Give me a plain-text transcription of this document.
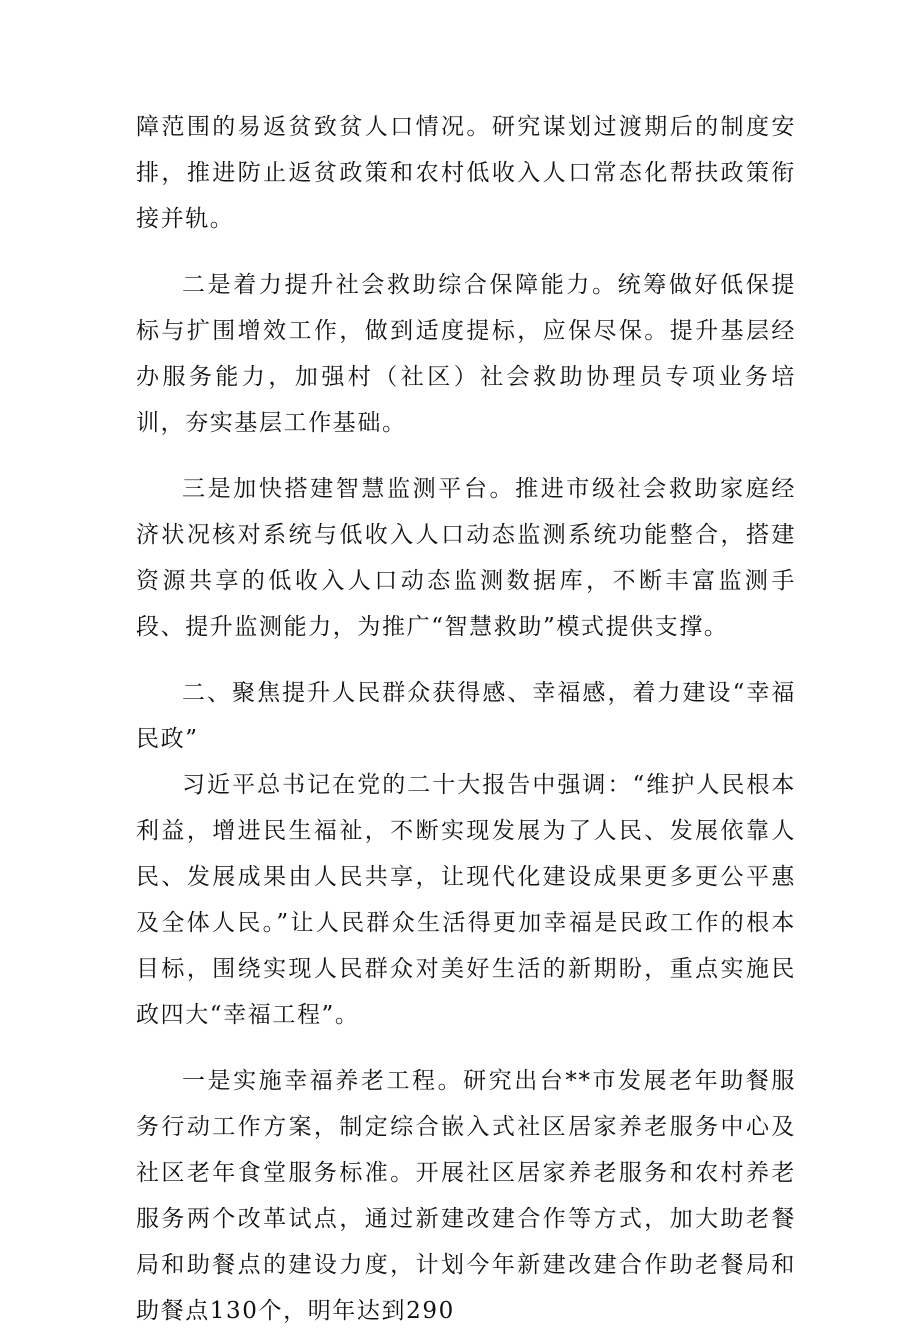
障范围的易返贫致贫人口情况。研究谋划过渡期后的制度安排，推进防止返贫政策和农村低收入人口常态化帮扶政策衔接并轨。

二是着力提升社会救助综合保障能力。统筹做好低保提标与扩围增效工作，做到适度提标，应保尽保。提升基层经办服务能力，加强村（社区）社会救助协理员专项业务培训，夯实基层工作基础。

三是加快搭建智慧监测平台。推进市级社会救助家庭经济状况核对系统与低收入人口动态监测系统功能整合，搭建资源共享的低收入人口动态监测数据库，不断丰富监测手段、提升监测能力，为推广“智慧救助”模式提供支撑。

二、聚焦提升人民群众获得感、幸福感，着力建设“幸福民政”

习近平总书记在党的二十大报告中强调：“维护人民根本利益，增进民生福祉，不断实现发展为了人民、发展依靠人民、发展成果由人民共享，让现代化建设成果更多更公平惠及全体人民。”让人民群众生活得更加幸福是民政工作的根本目标，围绕实现人民群众对美好生活的新期盼，重点实施民政四大“幸福工程”。

一是实施幸福养老工程。研究出台**市发展老年助餐服务行动工作方案，制定综合嵌入式社区居家养老服务中心及社区老年食堂服务标准。开展社区居家养老服务和农村养老服务两个改革试点，通过新建改建合作等方式，加大助老餐局和助餐点的建设力度，计划今年新建改建合作助老餐局和助餐点130个，明年达到290
